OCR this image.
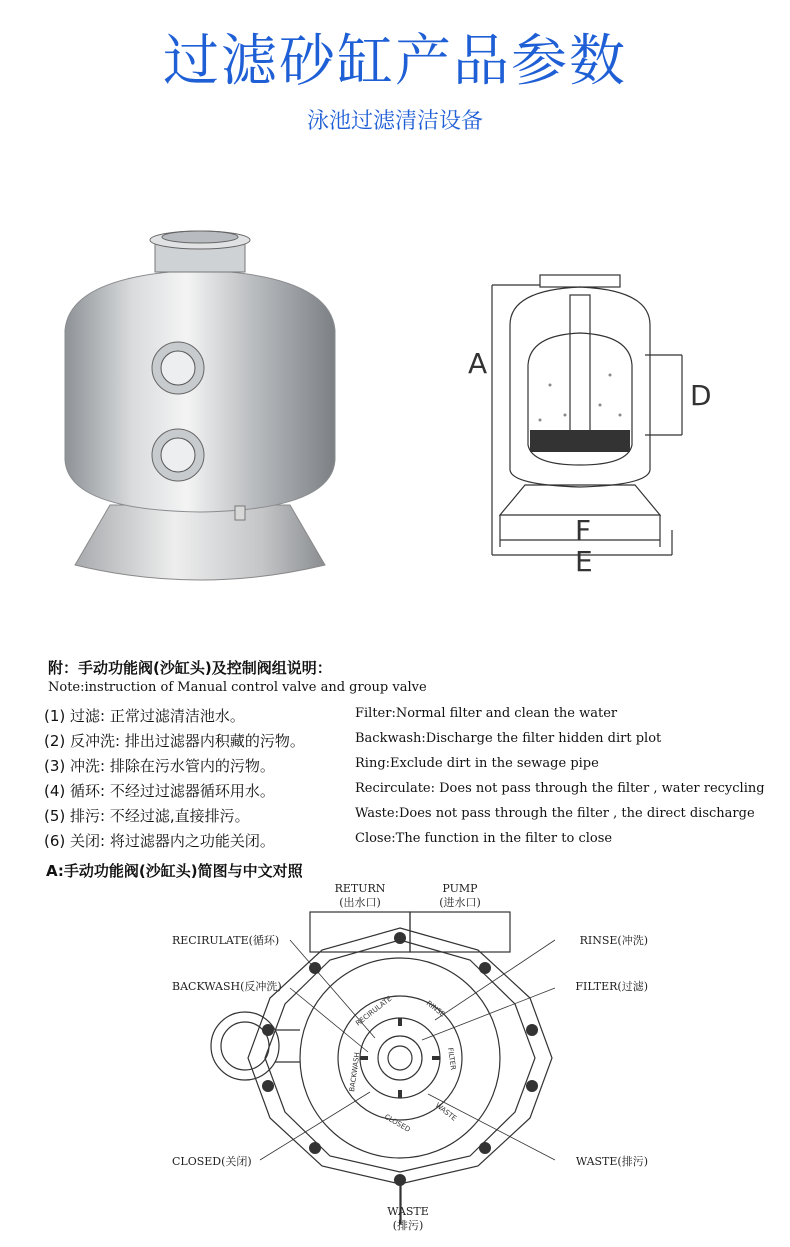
过滤砂缸产品参数
泳池过滤清洁设备
A
D
F
E
附：手动功能阀(沙缸头)及控制阀组说明：
Note:instruction of Manual control valve and group valve
(1) 过滤: 正常过滤清洁池水。	Filter:Normal filter and clean the water
(2) 反冲洗: 排出过滤器内积藏的污物。	Backwash:Discharge the filter hidden dirt plot
(3) 冲洗: 排除在污水管内的污物。	Ring:Exclude dirt in the sewage pipe
(4) 循环: 不经过过滤器循环用水。	Recirculate: Does not pass through the filter , water recycling
(5) 排污: 不经过滤,直接排污。	Waste:Does not pass through the filter , the direct discharge
(6) 关闭: 将过滤器内之功能关闭。	Close:The function in the filter to close
A:手动功能阀(沙缸头)简图与中文对照
RETURN
(出水口)
PUMP
(进水口)
WASTE
(排污)
RECIRULATE(循环)
BACKWASH(反冲洗)
CLOSED(关闭)
RINSE(冲洗)
FILTER(过滤)
WASTE(排污)
RECIRULATE	RINSE
FILTER
WASTE
CLOSED
BACKWASH
